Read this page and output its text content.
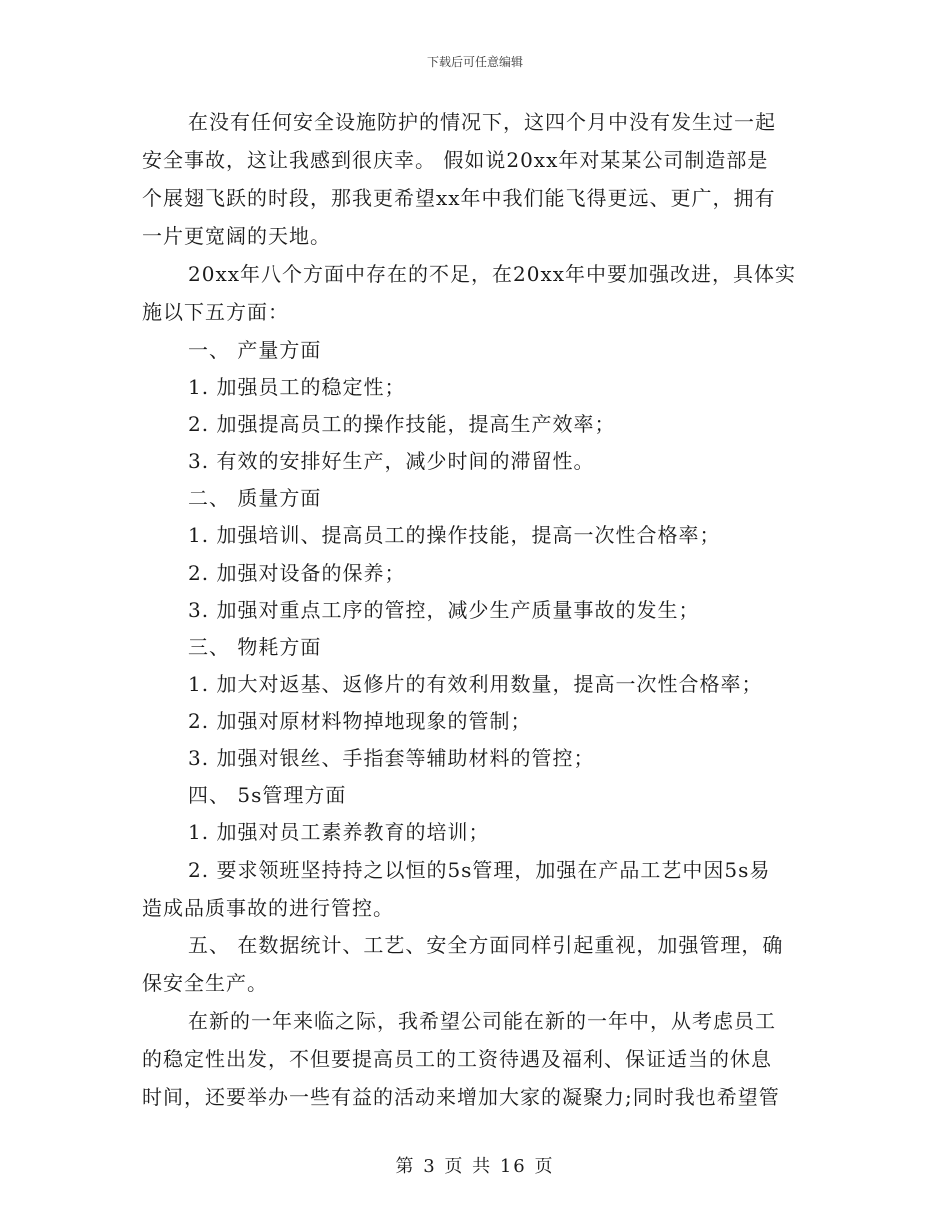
下载后可任意编辑
在没有任何安全设施防护的情况下，这四个月中没有发生过一起
安全事故，这让我感到很庆幸。 假如说20xx年对某某公司制造部是
个展翅飞跃的时段，那我更希望xx年中我们能飞得更远、更广，拥有
一片更宽阔的天地。
20xx年八个方面中存在的不足，在20xx年中要加强改进，具体实
施以下五方面：
一、 产量方面
1. 加强员工的稳定性；
2. 加强提高员工的操作技能，提高生产效率；
3. 有效的安排好生产，减少时间的滞留性。
二、 质量方面
1. 加强培训、提高员工的操作技能，提高一次性合格率；
2. 加强对设备的保养；
3. 加强对重点工序的管控，减少生产质量事故的发生；
三、 物耗方面
1. 加大对返基、返修片的有效利用数量，提高一次性合格率；
2. 加强对原材料物掉地现象的管制；
3. 加强对银丝、手指套等辅助材料的管控；
四、 5s管理方面
1. 加强对员工素养教育的培训；
2. 要求领班坚持持之以恒的5s管理，加强在产品工艺中因5s易
造成品质事故的进行管控。
五、 在数据统计、工艺、安全方面同样引起重视，加强管理，确
保安全生产。
在新的一年来临之际，我希望公司能在新的一年中，从考虑员工
的稳定性出发，不但要提高员工的工资待遇及福利、保证适当的休息
时间，还要举办一些有益的活动来增加大家的凝聚力;同时我也希望管
第 3 页 共 16 页
